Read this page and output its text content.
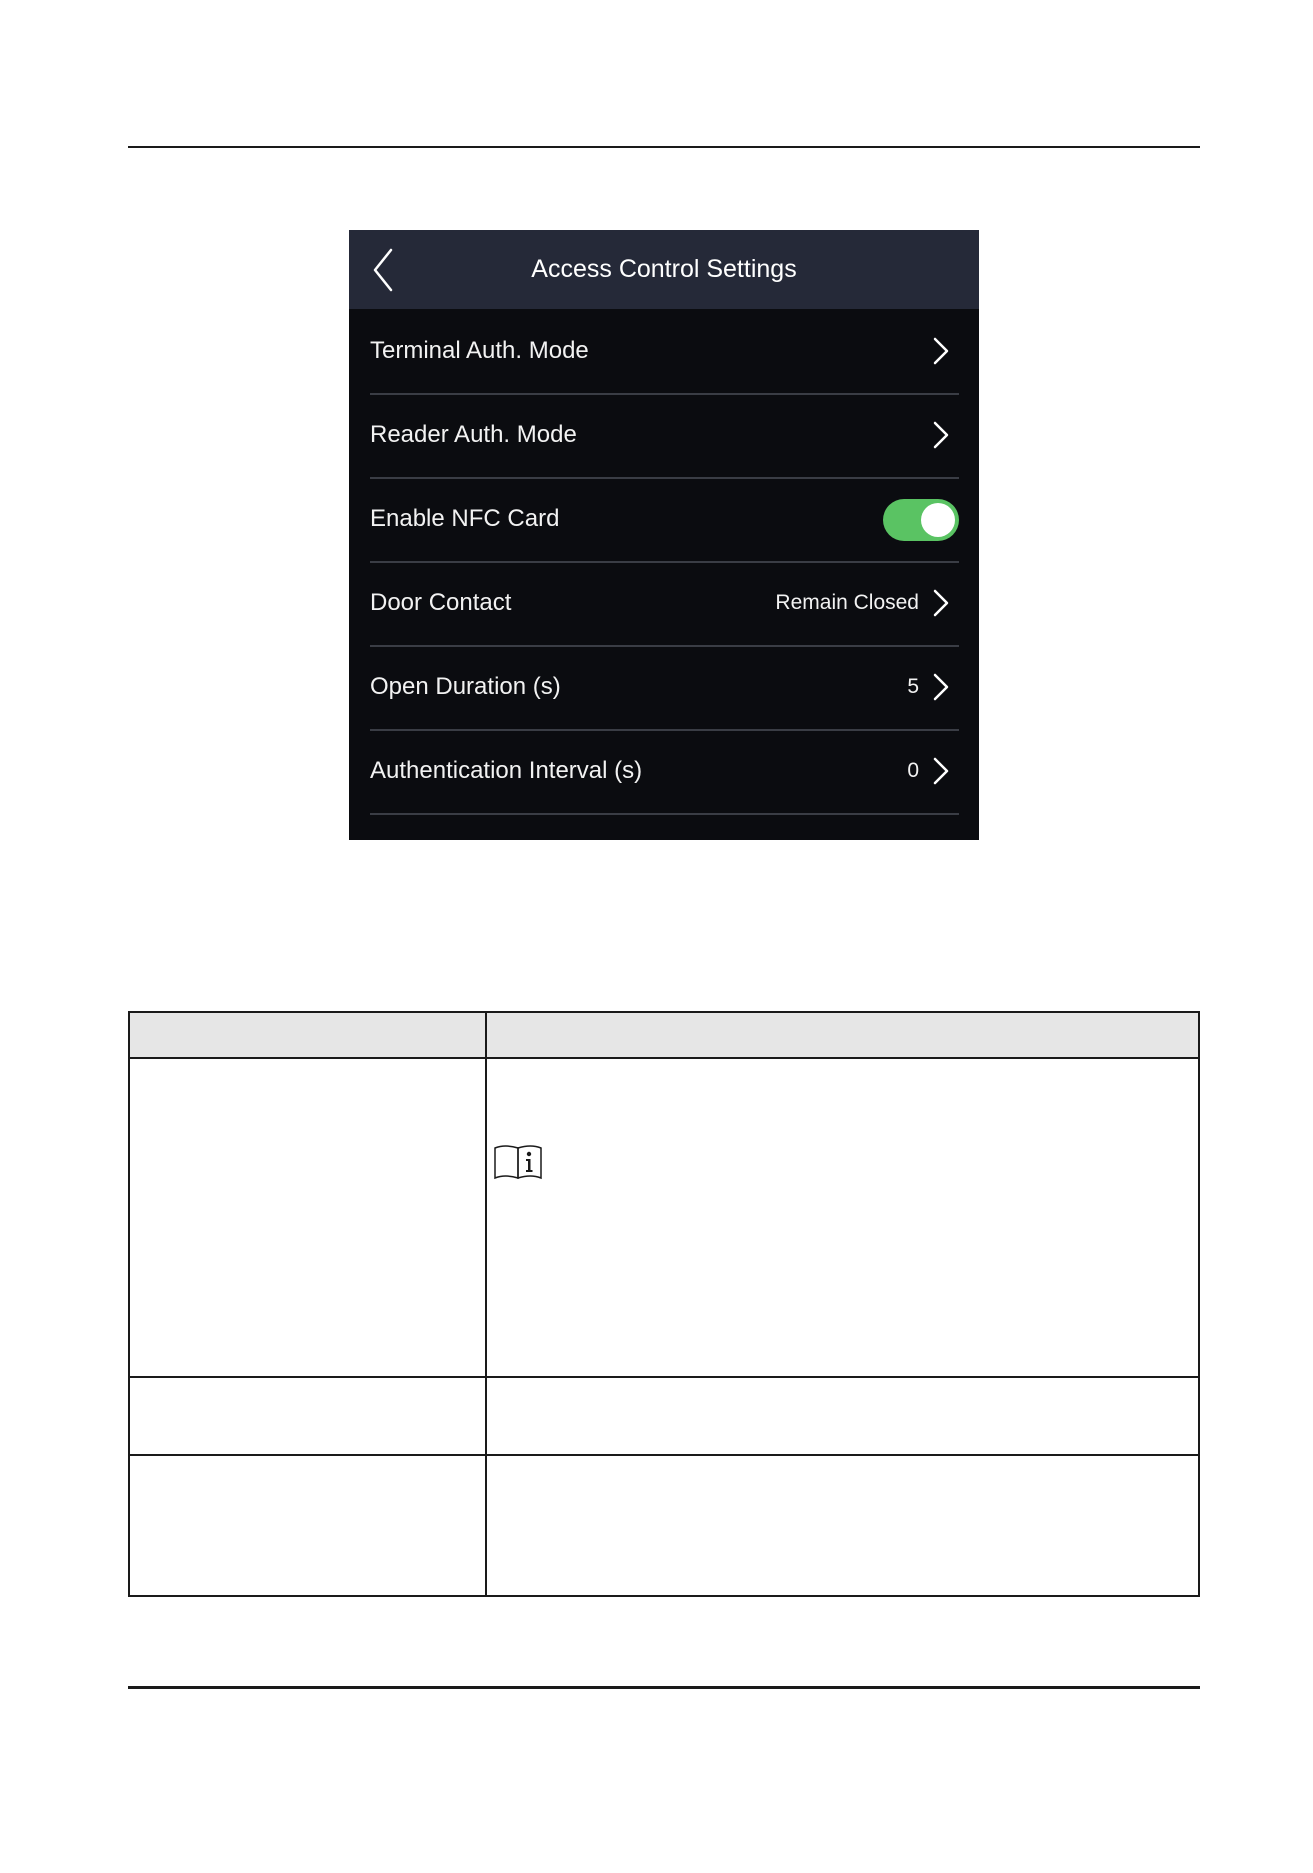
Access Control Settings
Terminal Auth. Mode
Reader Auth. Mode
Enable NFC Card
Door Contact	Remain Closed
Open Duration (s)	5
Authentication Interval (s)	0
